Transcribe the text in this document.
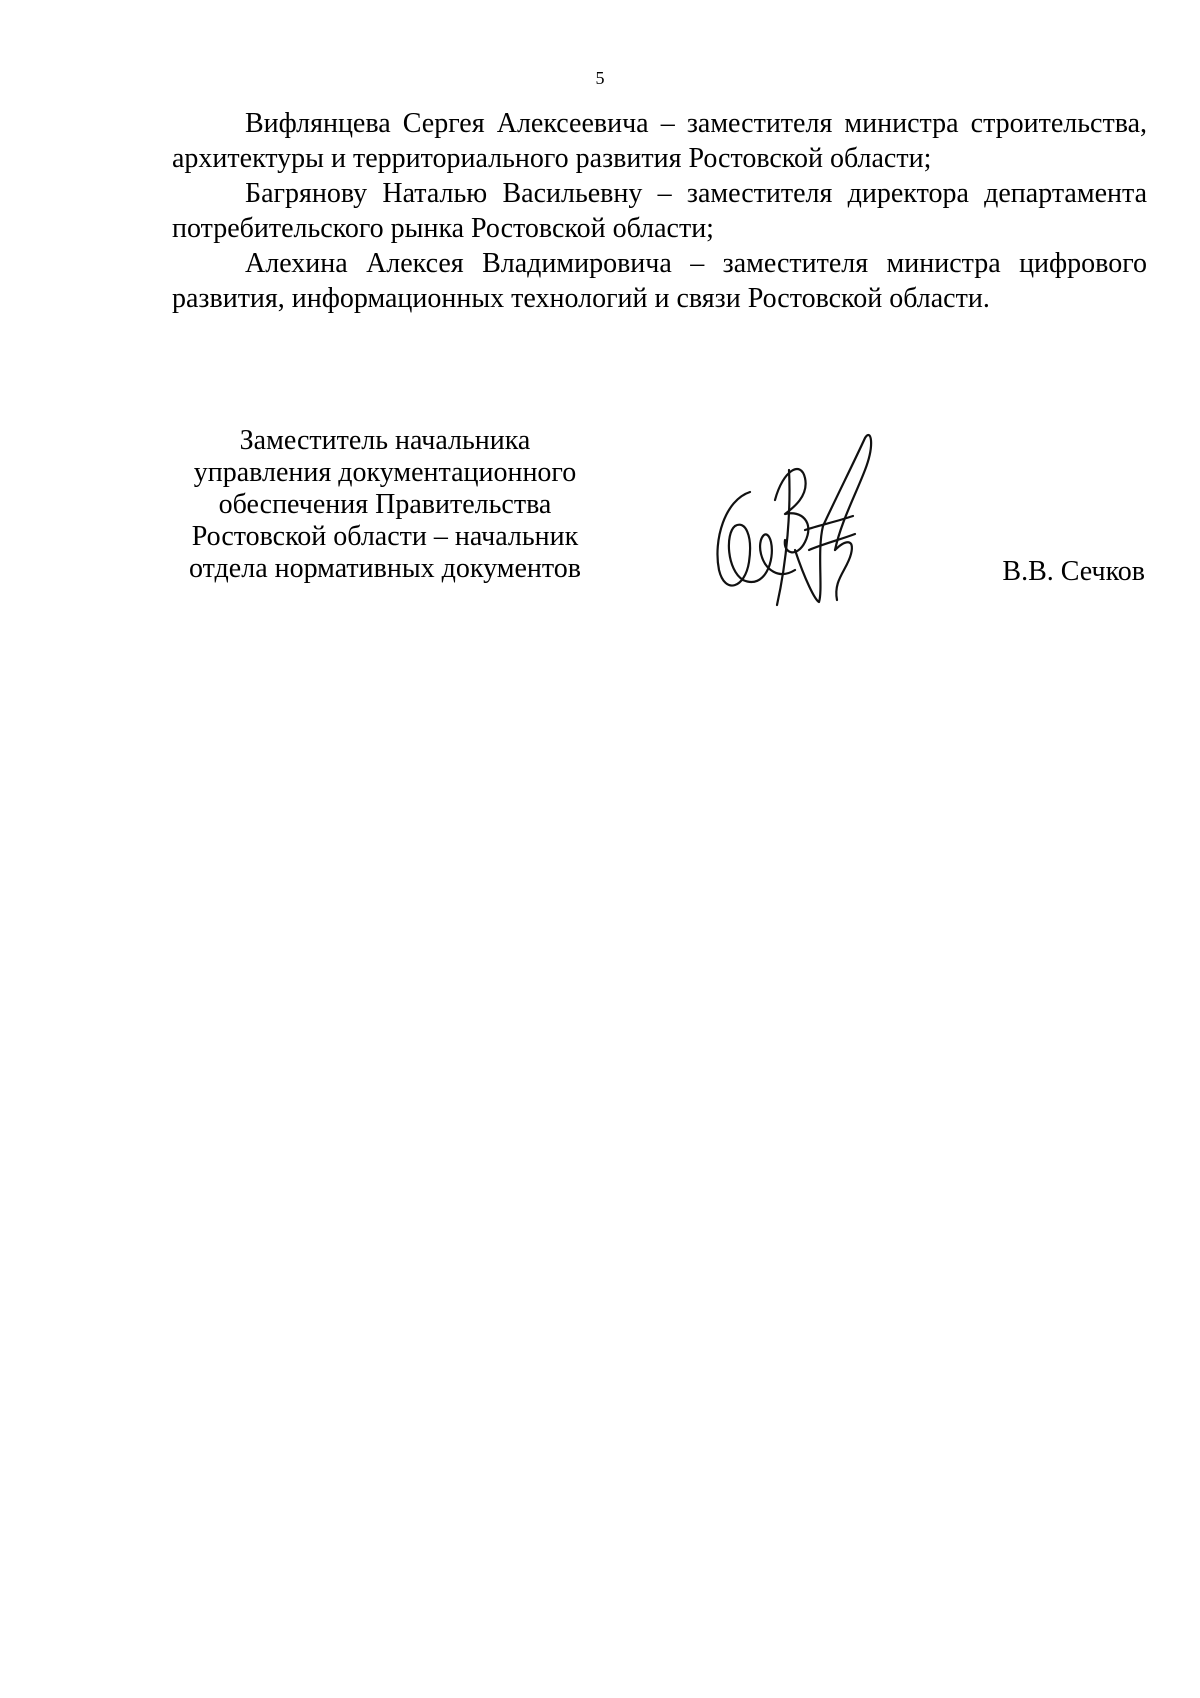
5

Вифлянцева Сергея Алексеевича – заместителя министра строительства, архитектуры и территориального развития Ростовской области;

Багрянову Наталью Васильевну – заместителя директора департамента потребительского рынка Ростовской области;

Алехина Алексея Владимировича – заместителя министра цифрового развития, информационных технологий и связи Ростовской области.

Заместитель начальника
управления документационного
обеспечения Правительства
Ростовской области – начальник
отдела нормативных документов	В.В. Сечков
